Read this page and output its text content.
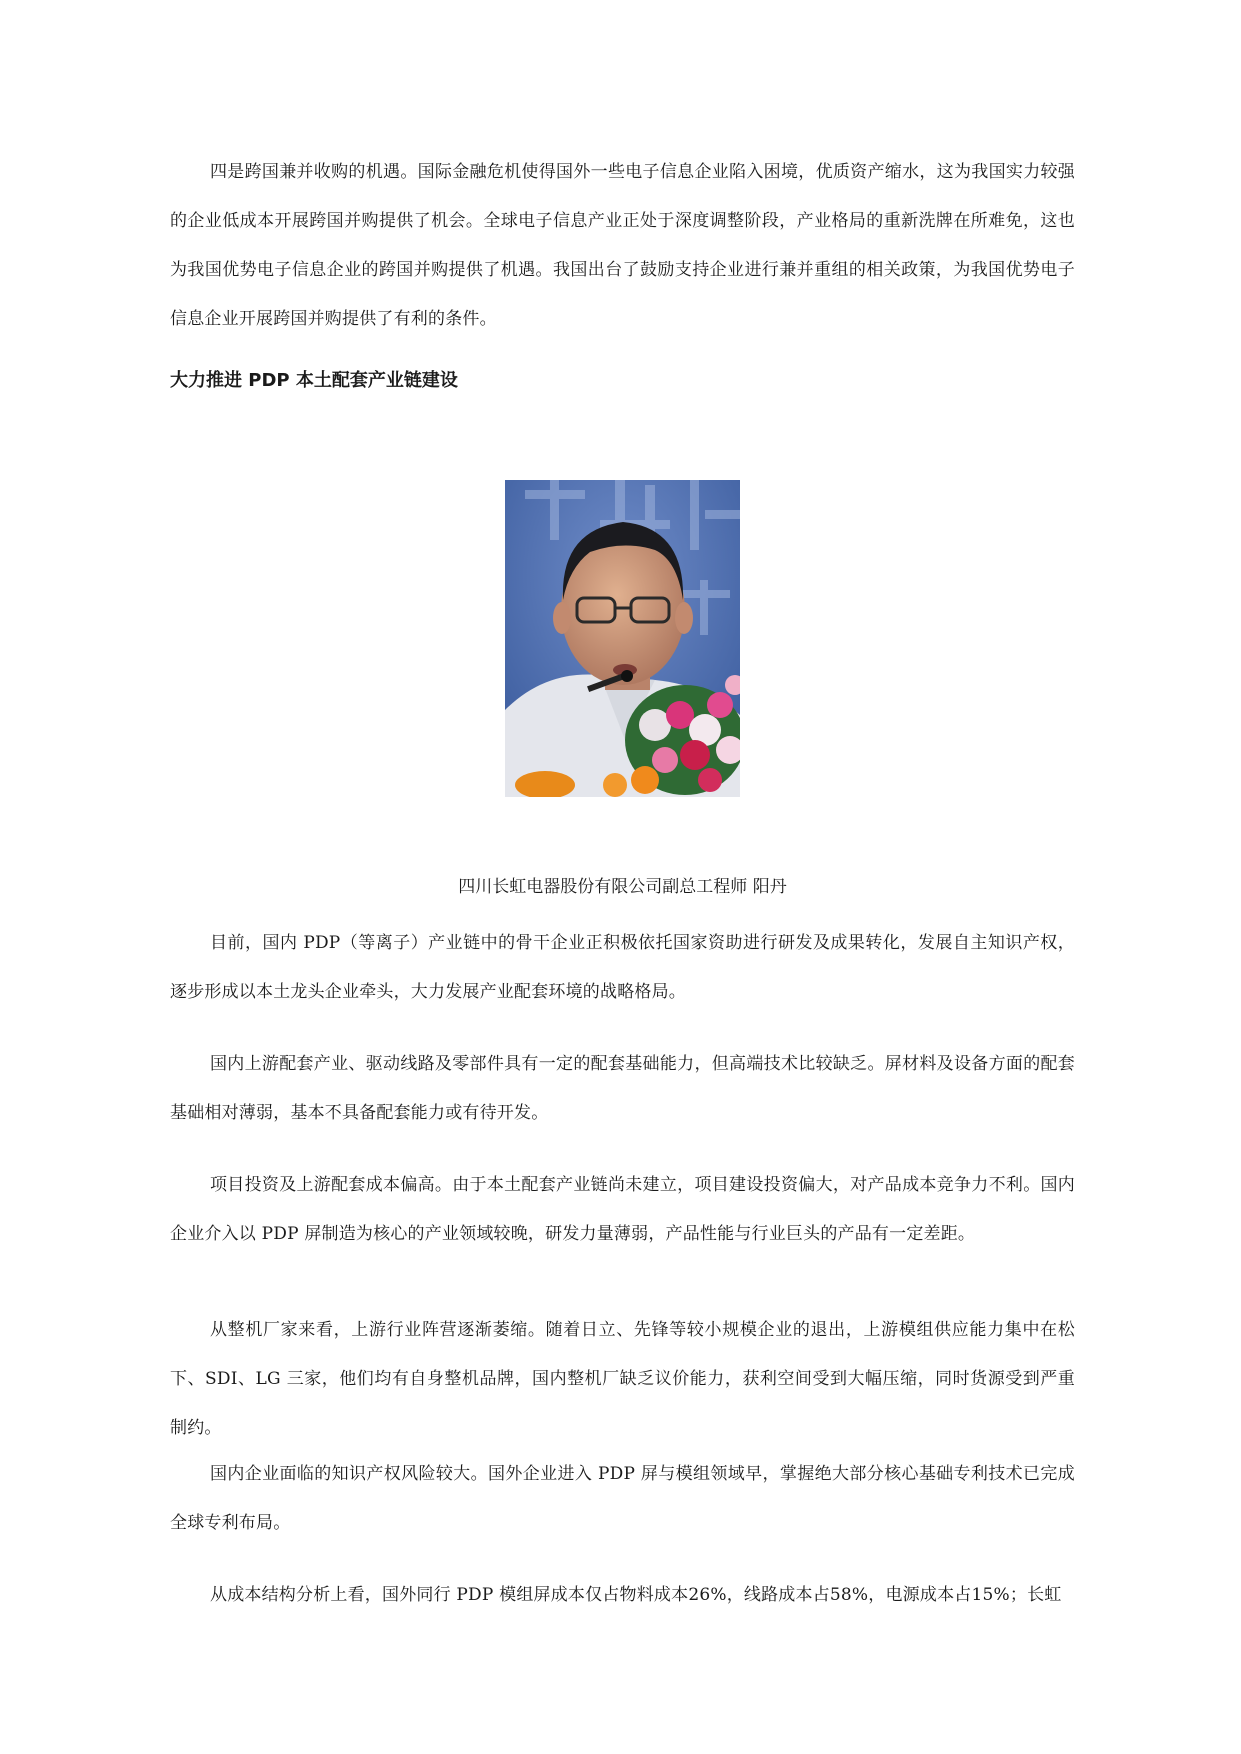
四是跨国兼并收购的机遇。国际金融危机使得国外一些电子信息企业陷入困境，优质资产缩水，这为我国实力较强的企业低成本开展跨国并购提供了机会。全球电子信息产业正处于深度调整阶段，产业格局的重新洗牌在所难免，这也为我国优势电子信息企业的跨国并购提供了机遇。我国出台了鼓励支持企业进行兼并重组的相关政策，为我国优势电子信息企业开展跨国并购提供了有利的条件。

大力推进 PDP 本土配套产业链建设

四川长虹电器股份有限公司副总工程师 阳丹

目前，国内 PDP（等离子）产业链中的骨干企业正积极依托国家资助进行研发及成果转化，发展自主知识产权，逐步形成以本土龙头企业牵头，大力发展产业配套环境的战略格局。

国内上游配套产业、驱动线路及零部件具有一定的配套基础能力，但高端技术比较缺乏。屏材料及设备方面的配套基础相对薄弱，基本不具备配套能力或有待开发。

项目投资及上游配套成本偏高。由于本土配套产业链尚未建立，项目建设投资偏大，对产品成本竞争力不利。国内企业介入以 PDP 屏制造为核心的产业领域较晚，研发力量薄弱，产品性能与行业巨头的产品有一定差距。

从整机厂家来看，上游行业阵营逐渐萎缩。随着日立、先锋等较小规模企业的退出，上游模组供应能力集中在松下、SDI、LG 三家，他们均有自身整机品牌，国内整机厂缺乏议价能力，获利空间受到大幅压缩，同时货源受到严重制约。

国内企业面临的知识产权风险较大。国外企业进入 PDP 屏与模组领域早，掌握绝大部分核心基础专利技术已完成全球专利布局。

从成本结构分析上看，国外同行 PDP 模组屏成本仅占物料成本26%，线路成本占58%，电源成本占15%；长虹
